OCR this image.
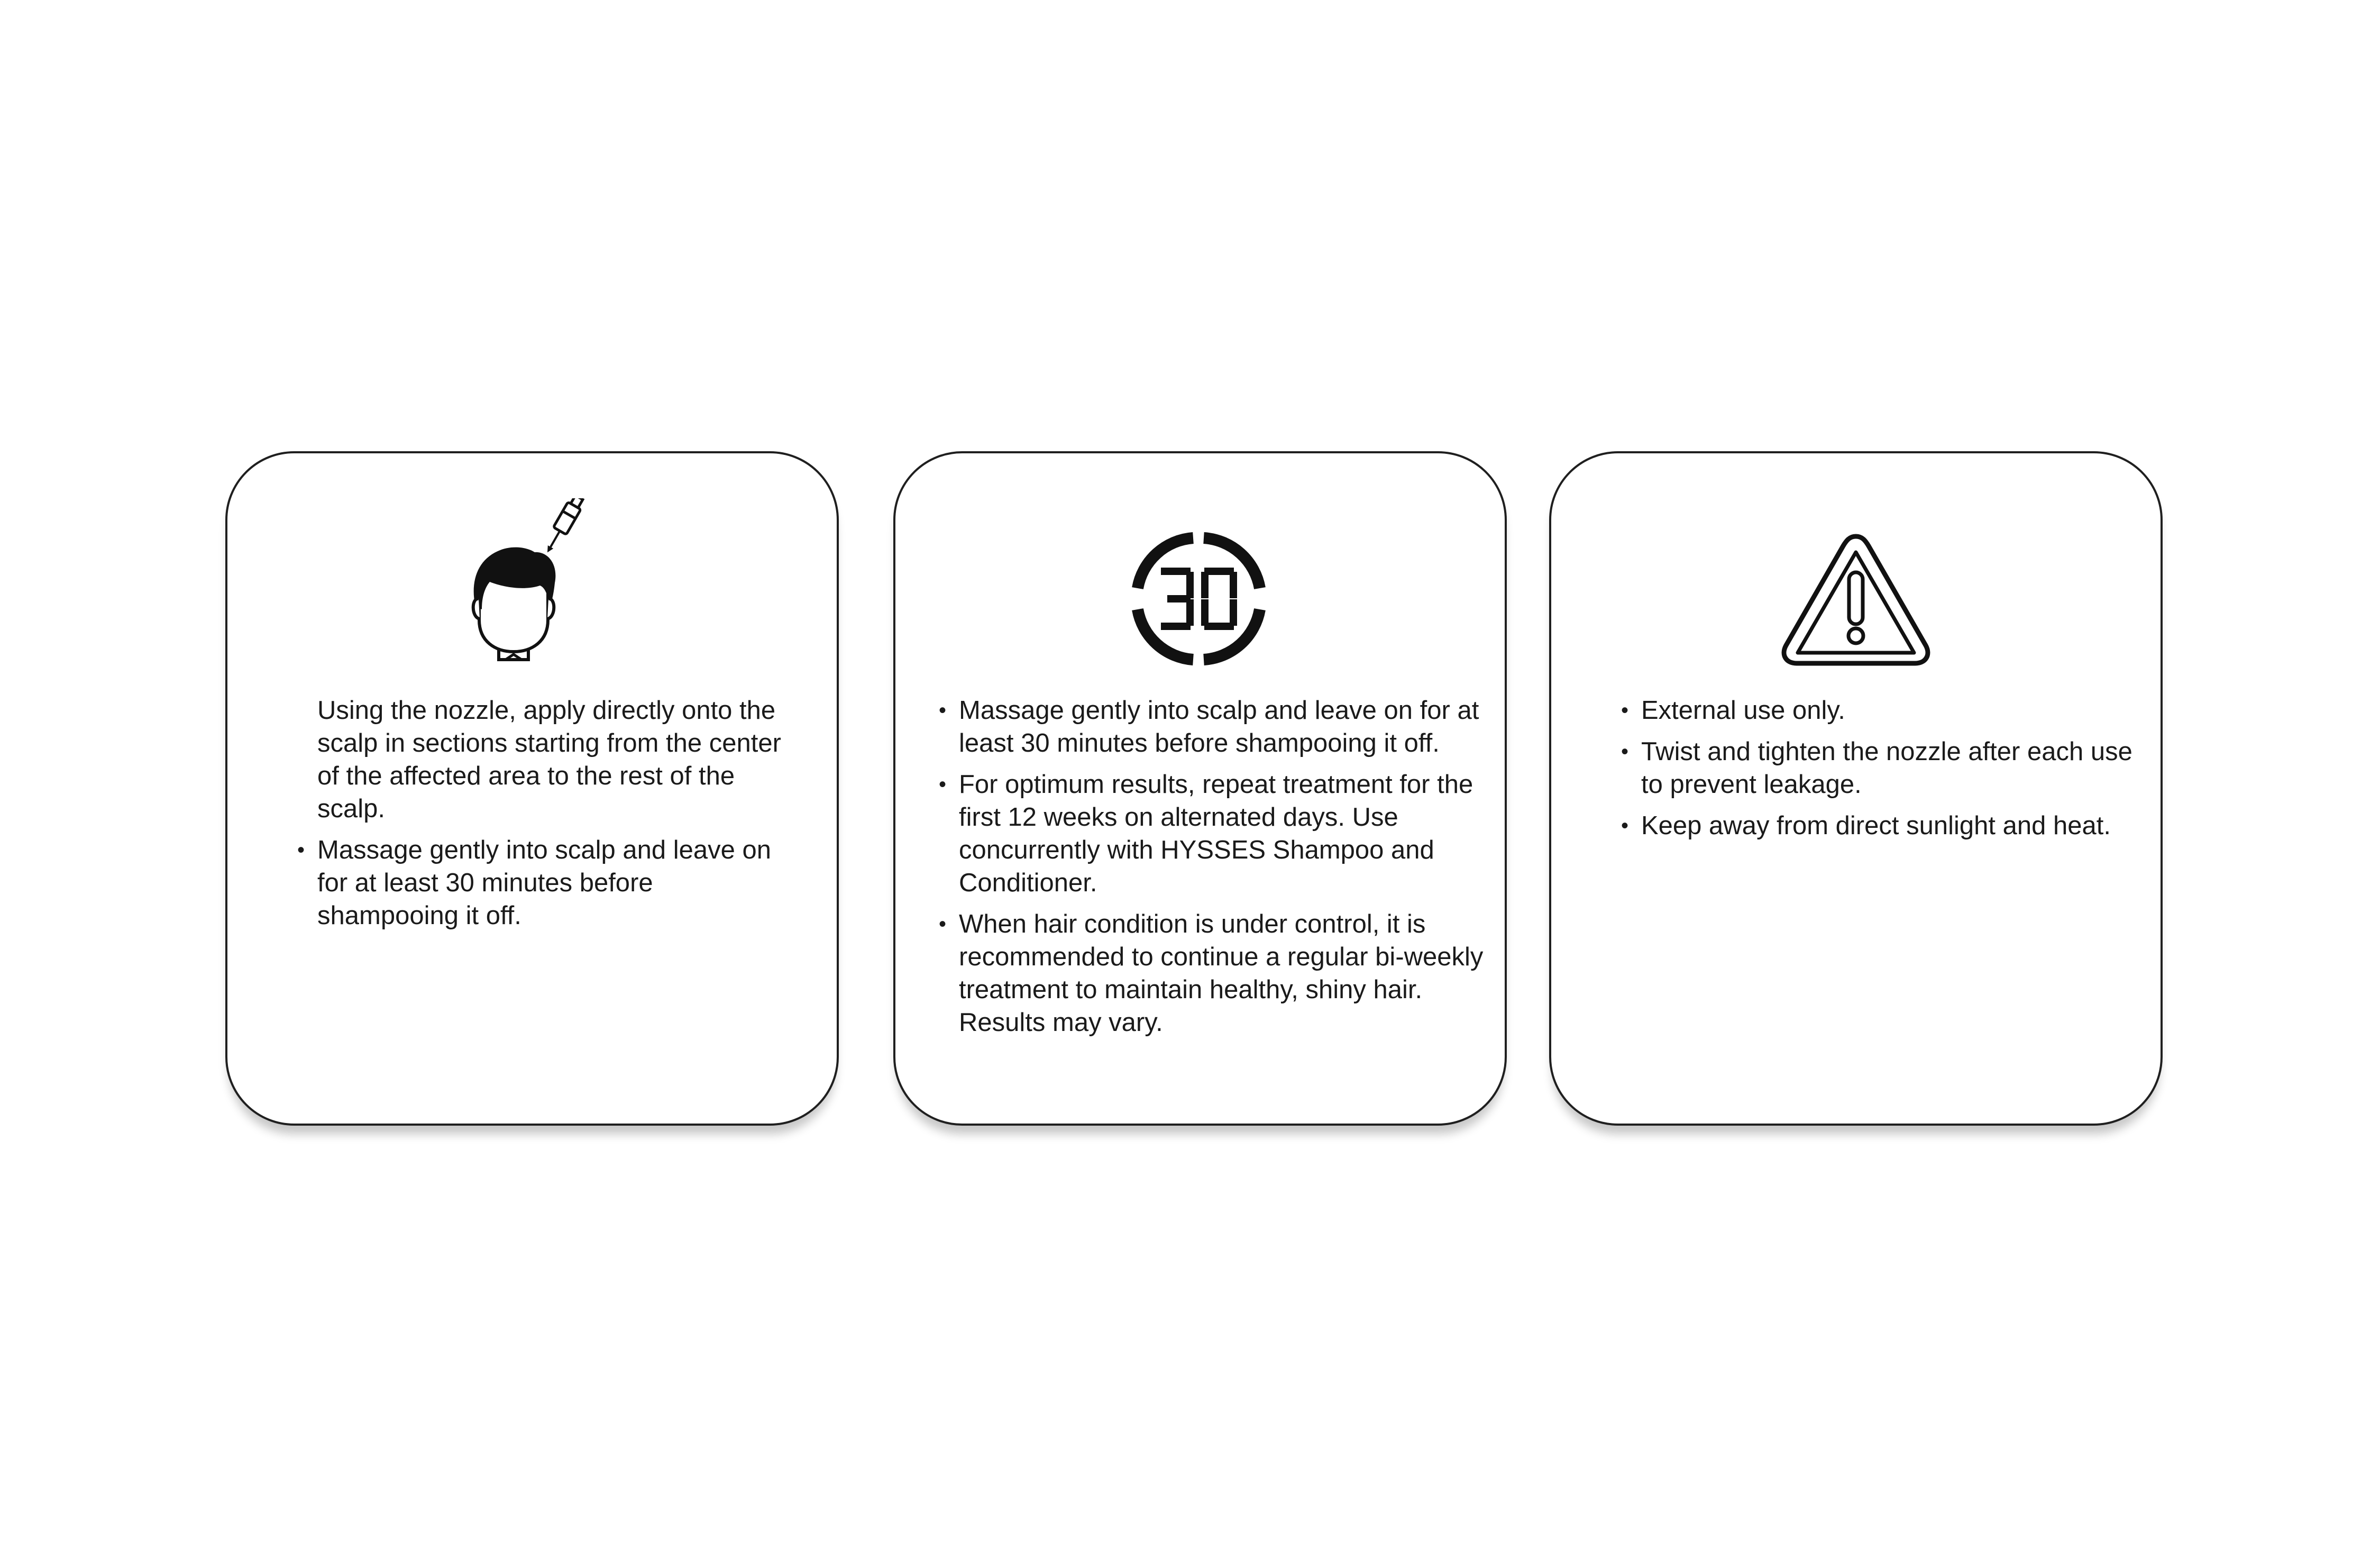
Using the nozzle, apply directly onto the scalp in sections starting from the center of the affected area to the rest of the scalp.

• Massage gently into scalp and leave on for at least 30 minutes before shampooing it off.
• Massage gently into scalp and leave on for at least 30 minutes before shampooing it off.
• For optimum results, repeat treatment for the first 12 weeks on alternated days. Use concurrently with HYSSES Shampoo and Conditioner.
• When hair condition is under control, it is recommended to continue a regular bi-weekly treatment to maintain healthy, shiny hair. Results may vary.
• External use only.
• Twist and tighten the nozzle after each use to prevent leakage.
• Keep away from direct sunlight and heat.
